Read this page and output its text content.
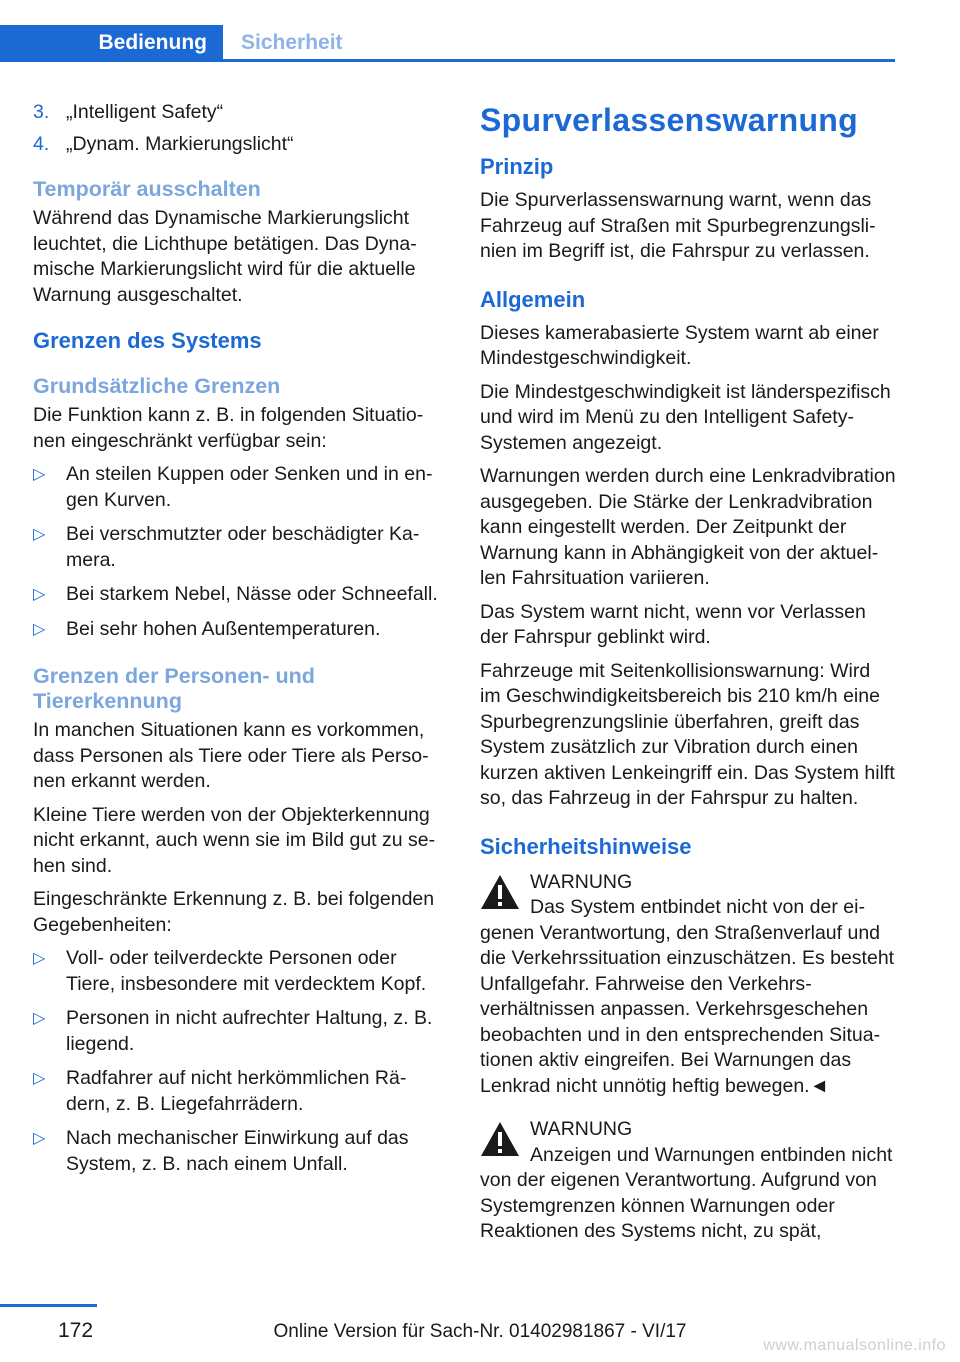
Bedienung Sicherheit
3. „Intelligent Safety“
4. „Dynam. Markierungslicht“
Temporär ausschalten

Während das Dynamische Markierungslicht leuchtet, die Lichthupe betätigen. Das Dynamische Markierungslicht wird für die aktuelle Warnung ausgeschaltet.

Grenzen des Systems
Grundsätzliche Grenzen

Die Funktion kann z. B. in folgenden Situationen eingeschränkt verfügbar sein:

▷ An steilen Kuppen oder Senken und in engen Kurven.
▷ Bei verschmutzter oder beschädigter Kamera.
▷ Bei starkem Nebel, Nässe oder Schneefall.
▷ Bei sehr hohen Außentemperaturen.
Grenzen der Personen- und Tiererkennung

In manchen Situationen kann es vorkommen, dass Personen als Tiere oder Tiere als Personen erkannt werden.

Kleine Tiere werden von der Objekterkennung nicht erkannt, auch wenn sie im Bild gut zu sehen sind.

Eingeschränkte Erkennung z. B. bei folgenden Gegebenheiten:

▷ Voll- oder teilverdeckte Personen oder Tiere, insbesondere mit verdecktem Kopf.
▷ Personen in nicht aufrechter Haltung, z. B. liegend.
▷ Radfahrer auf nicht herkömmlichen Rädern, z. B. Liegefahrrädern.
▷ Nach mechanischer Einwirkung auf das System, z. B. nach einem Unfall.
Spurverlassenswarnung
Prinzip

Die Spurverlassenswarnung warnt, wenn das Fahrzeug auf Straßen mit Spurbegrenzungslinien im Begriff ist, die Fahrspur zu verlassen.

Allgemein

Dieses kamerabasierte System warnt ab einer Mindestgeschwindigkeit.

Die Mindestgeschwindigkeit ist länderspezifisch und wird im Menü zu den Intelligent Safety-Systemen angezeigt.

Warnungen werden durch eine Lenkradvibration ausgegeben. Die Stärke der Lenkradvibration kann eingestellt werden. Der Zeitpunkt der Warnung kann in Abhängigkeit von der aktuellen Fahrsituation variieren.

Das System warnt nicht, wenn vor Verlassen der Fahrspur geblinkt wird.

Fahrzeuge mit Seitenkollisionswarnung: Wird im Geschwindigkeitsbereich bis 210 km/h eine Spurbegrenzungslinie überfahren, greift das System zusätzlich zur Vibration durch einen kurzen aktiven Lenkeingriff ein. Das System hilft so, das Fahrzeug in der Fahrspur zu halten.

Sicherheitshinweise
WARNUNG

Das System entbindet nicht von der eigenen Verantwortung, den Straßenverlauf und die Verkehrssituation einzuschätzen. Es besteht Unfallgefahr. Fahrweise den Verkehrsverhältnissen anpassen. Verkehrsgeschehen beobachten und in den entsprechenden Situationen aktiv eingreifen. Bei Warnungen das Lenkrad nicht unnötig heftig bewegen.◄

WARNUNG

Anzeigen und Warnungen entbinden nicht von der eigenen Verantwortung. Aufgrund von Systemgrenzen können Warnungen oder Reaktionen des Systems nicht, zu spät,

172	Online Version für Sach-Nr. 01402981867 - VI/17
www.manualsonline.info
